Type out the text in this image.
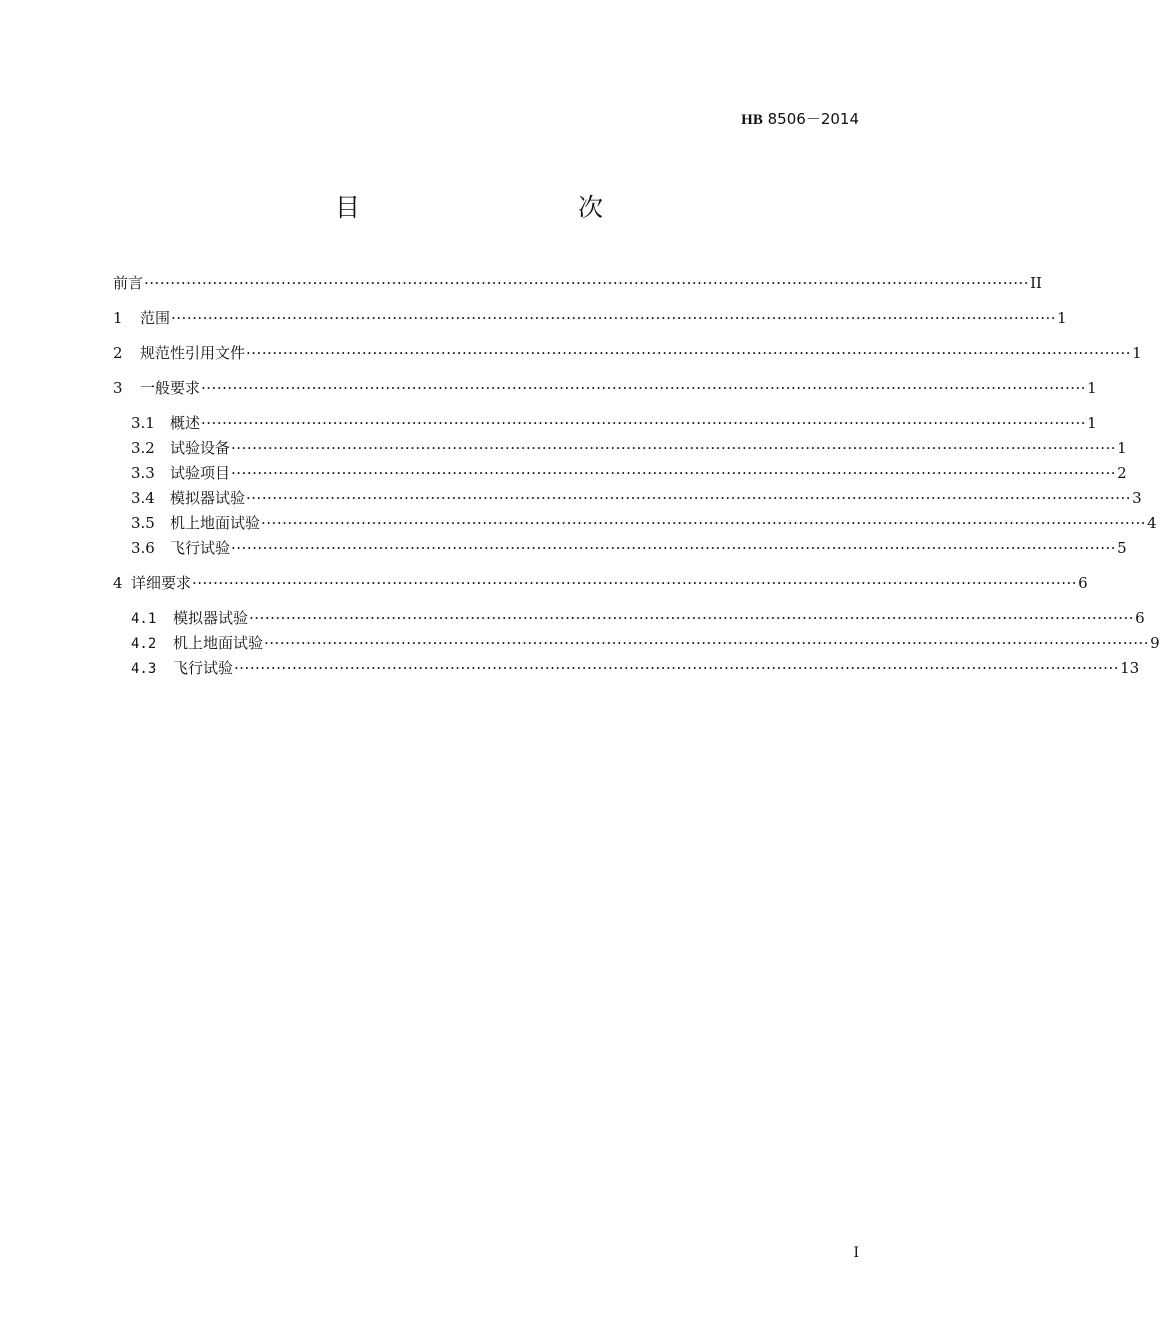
HB 8506－2014
目　　次
前言 ········································································································································································ II
1	范围 ········································································································································································ 1
2	规范性引用文件 ········································································································································································ 1
3	一般要求 ········································································································································································ 1
3.1	概述 ········································································································································································ 1
3.2	试验设备 ········································································································································································ 1
3.3	试验项目 ········································································································································································ 2
3.4	模拟器试验 ········································································································································································ 3
3.5	机上地面试验 ········································································································································································ 4
3.6	飞行试验 ········································································································································································ 5
4 详细要求 ········································································································································································ 6
4.1	模拟器试验 ········································································································································································ 6
4.2	机上地面试验 ········································································································································································ 9
4.3	飞行试验 ········································································································································································ 13
I
